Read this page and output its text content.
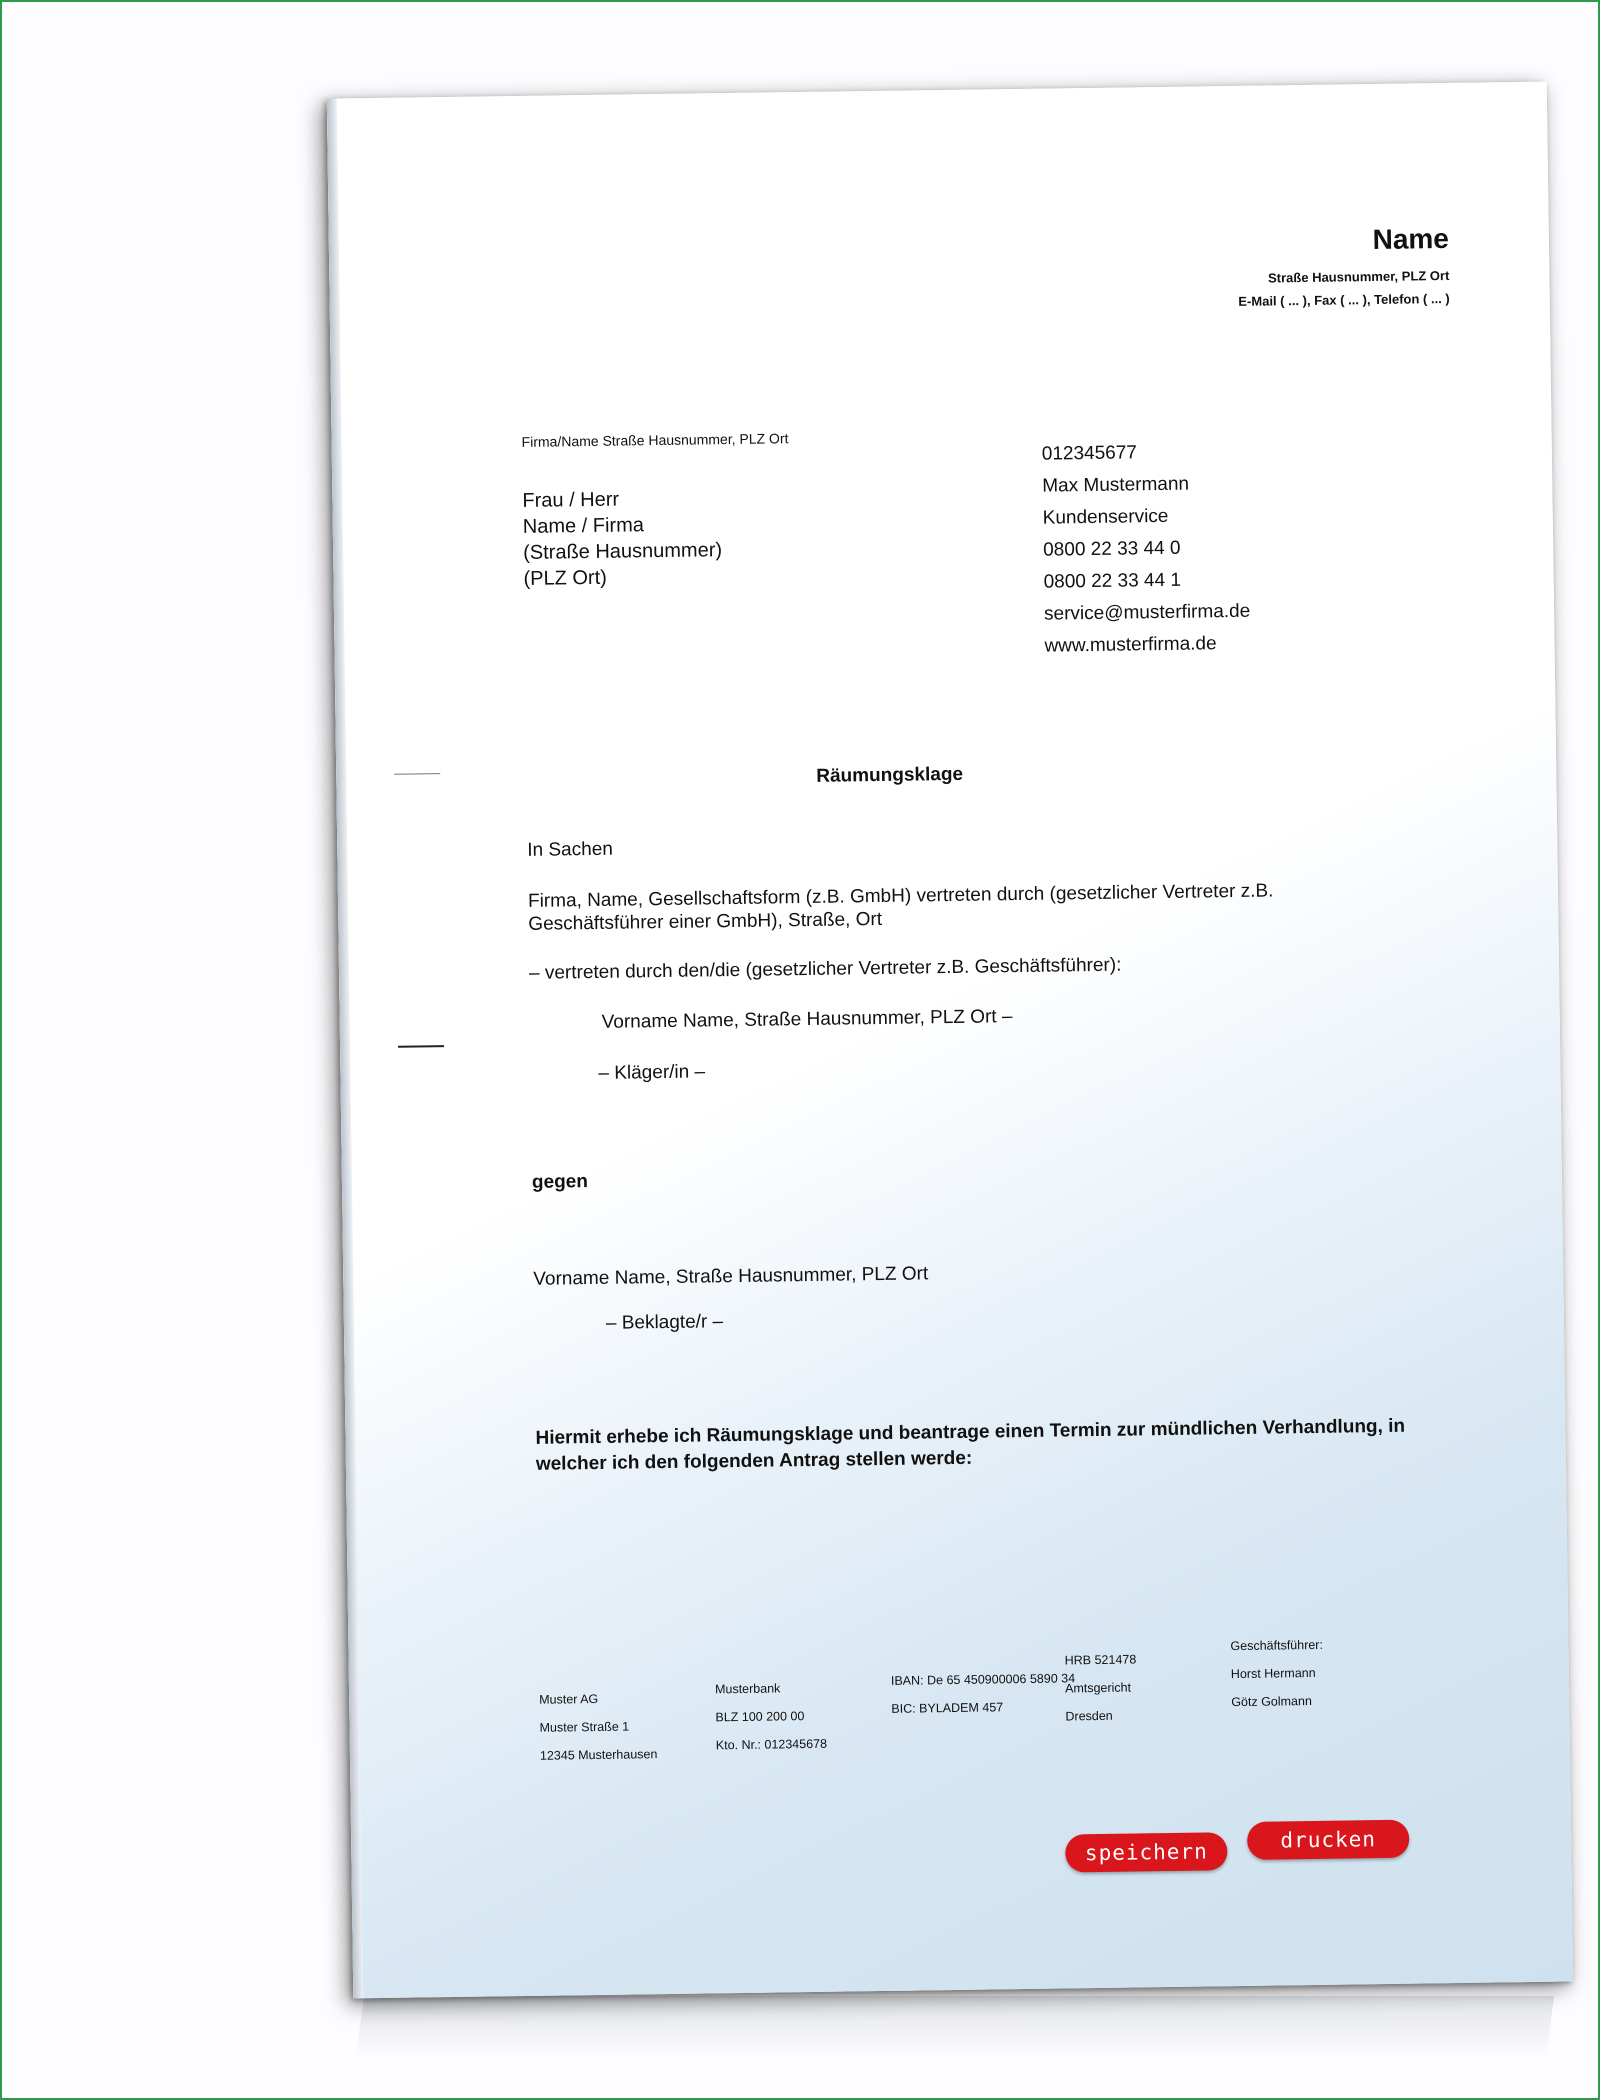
Name
Straße Hausnummer, PLZ Ort
E-Mail ( ... ), Fax ( ... ), Telefon ( ... )
Firma/Name Straße Hausnummer, PLZ Ort
Frau / Herr
Name / Firma
(Straße Hausnummer)
(PLZ Ort)
012345677
Max Mustermann
Kundenservice
0800 22 33 44 0
0800 22 33 44 1
service@musterfirma.de
www.musterfirma.de
Räumungsklage
In Sachen
Firma, Name, Gesellschaftsform (z.B. GmbH) vertreten durch (gesetzlicher Vertreter z.B.
Geschäftsführer einer GmbH), Straße, Ort
– vertreten durch den/die (gesetzlicher Vertreter z.B. Geschäftsführer):
Vorname Name, Straße Hausnummer, PLZ Ort –
– Kläger/in –
gegen
Vorname Name, Straße Hausnummer, PLZ Ort
– Beklagte/r –
Hiermit erhebe ich Räumungsklage und beantrage einen Termin zur mündlichen Verhandlung, in
welcher ich den folgenden Antrag stellen werde:
Muster AG
Muster Straße 1
12345 Musterhausen
Musterbank
BLZ 100 200 00
Kto. Nr.: 012345678
IBAN: De 65 450900006 5890 34
BIC: BYLADEM 457
HRB 521478
Amtsgericht
Dresden
Geschäftsführer:
Horst Hermann
Götz Golmann
speichern	drucken
